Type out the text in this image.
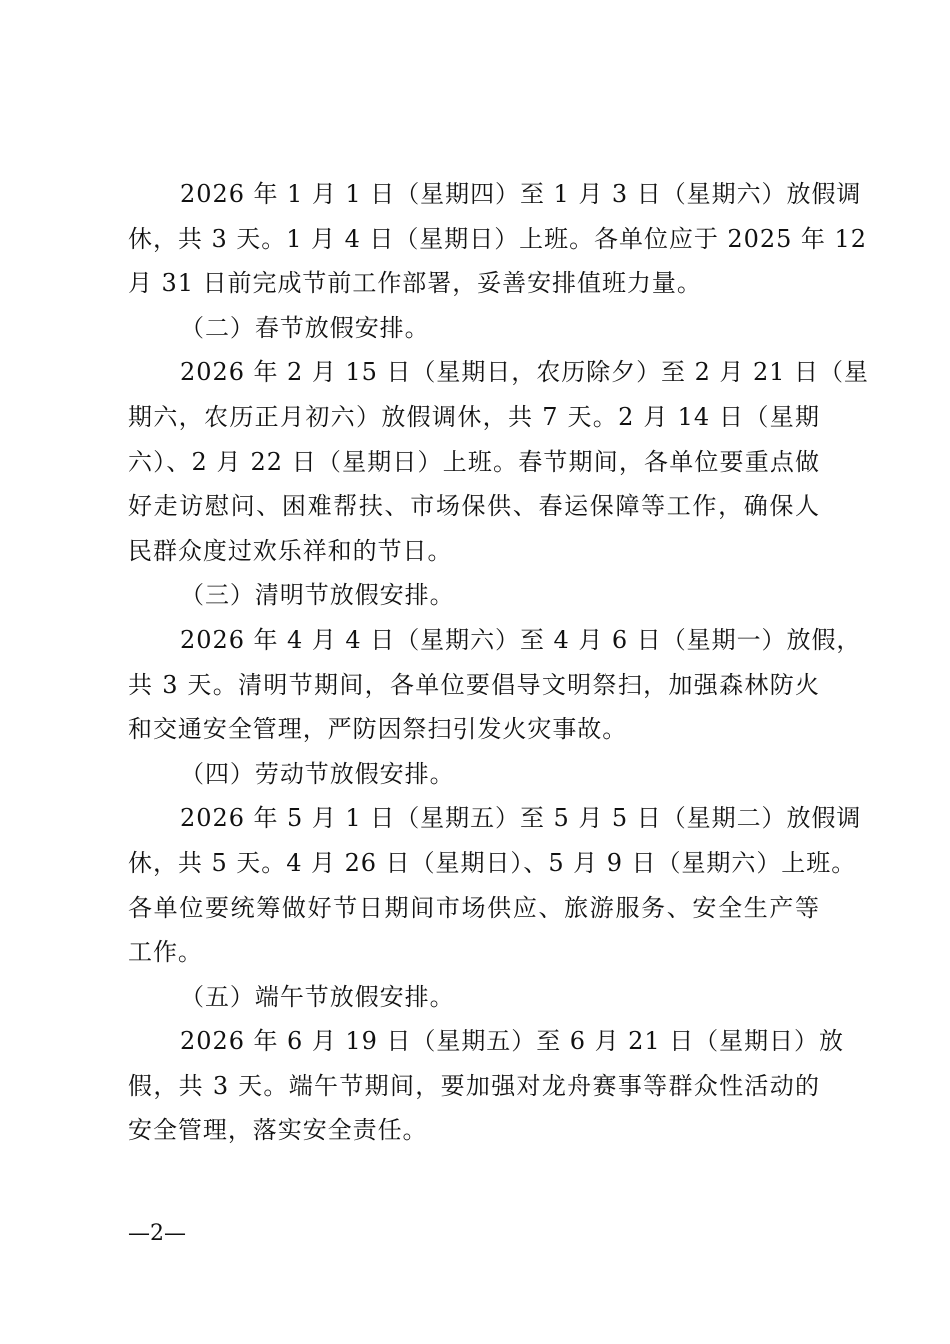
2026 年 1 月 1 日（星期四）至 1 月 3 日（星期六）放假调
休，共 3 天。1 月 4 日（星期日）上班。各单位应于 2025 年 12
月 31 日前完成节前工作部署，妥善安排值班力量。
（二）春节放假安排。
2026 年 2 月 15 日（星期日，农历除夕）至 2 月 21 日（星
期六，农历正月初六）放假调休，共 7 天。2 月 14 日（星期
六）、2 月 22 日（星期日）上班。春节期间，各单位要重点做
好走访慰问、困难帮扶、市场保供、春运保障等工作，确保人
民群众度过欢乐祥和的节日。
（三）清明节放假安排。
2026 年 4 月 4 日（星期六）至 4 月 6 日（星期一）放假，
共 3 天。清明节期间，各单位要倡导文明祭扫，加强森林防火
和交通安全管理，严防因祭扫引发火灾事故。
（四）劳动节放假安排。
2026 年 5 月 1 日（星期五）至 5 月 5 日（星期二）放假调
休，共 5 天。4 月 26 日（星期日）、5 月 9 日（星期六）上班。
各单位要统筹做好节日期间市场供应、旅游服务、安全生产等
工作。
（五）端午节放假安排。
2026 年 6 月 19 日（星期五）至 6 月 21 日（星期日）放
假，共 3 天。端午节期间，要加强对龙舟赛事等群众性活动的
安全管理，落实安全责任。
—2—
